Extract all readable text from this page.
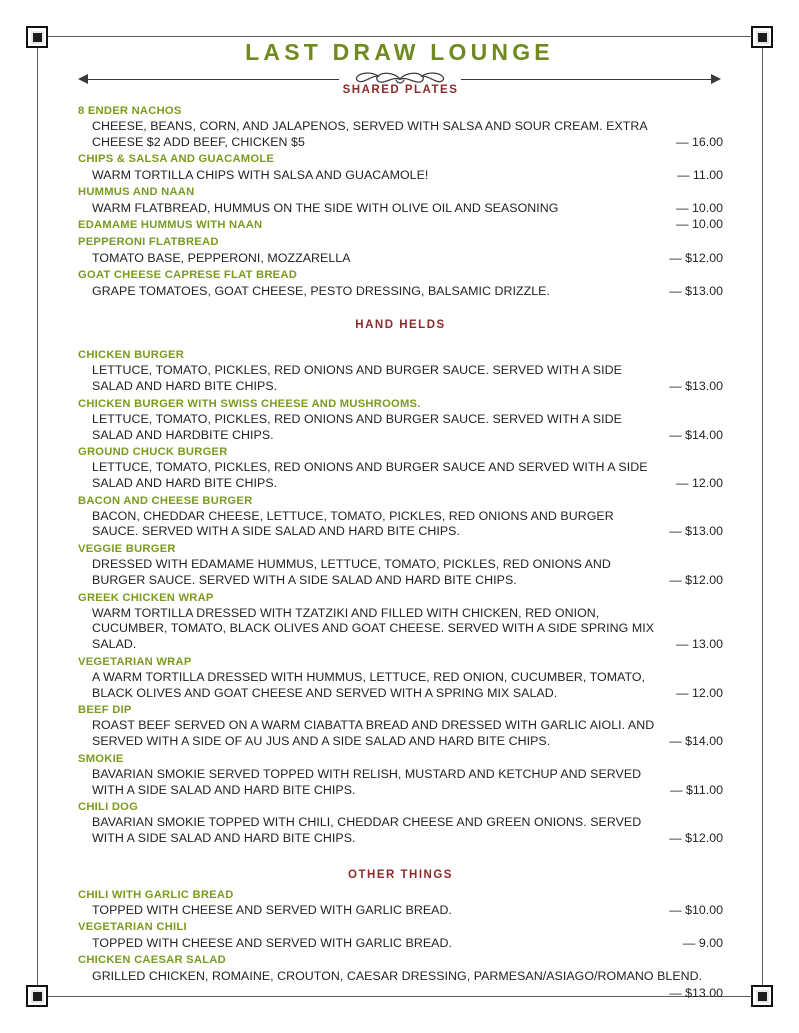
LAST DRAW LOUNGE
SHARED PLATES
8 ENDER NACHOS
CHEESE, BEANS, CORN, AND JALAPENOS, SERVED WITH SALSA AND SOUR CREAM. EXTRA CHEESE $2 ADD BEEF, CHICKEN $5	— 16.00
CHIPS & SALSA AND GUACAMOLE
WARM TORTILLA CHIPS WITH SALSA AND GUACAMOLE!	— 11.00
HUMMUS AND NAAN
WARM FLATBREAD, HUMMUS ON THE SIDE WITH OLIVE OIL AND SEASONING	— 10.00
EDAMAME HUMMUS WITH NAAN	— 10.00
PEPPERONI FLATBREAD
TOMATO BASE, PEPPERONI, MOZZARELLA	— $12.00
GOAT CHEESE CAPRESE FLAT BREAD
GRAPE TOMATOES, GOAT CHEESE, PESTO DRESSING, BALSAMIC DRIZZLE.	— $13.00
HAND HELDS
CHICKEN BURGER
LETTUCE, TOMATO, PICKLES, RED ONIONS AND BURGER SAUCE. SERVED WITH A SIDE SALAD AND HARD BITE CHIPS.	— $13.00
CHICKEN BURGER WITH SWISS CHEESE AND MUSHROOMS.
LETTUCE, TOMATO, PICKLES, RED ONIONS AND BURGER SAUCE. SERVED WITH A SIDE SALAD AND HARDBITE CHIPS.	— $14.00
GROUND CHUCK BURGER
LETTUCE, TOMATO, PICKLES, RED ONIONS AND BURGER SAUCE AND SERVED WITH A SIDE SALAD AND HARD BITE CHIPS.	— 12.00
BACON AND CHEESE BURGER
BACON, CHEDDAR CHEESE, LETTUCE, TOMATO, PICKLES, RED ONIONS AND BURGER SAUCE. SERVED WITH A SIDE SALAD AND HARD BITE CHIPS.	— $13.00
VEGGIE BURGER
DRESSED WITH EDAMAME HUMMUS, LETTUCE, TOMATO, PICKLES, RED ONIONS AND BURGER SAUCE. SERVED WITH A SIDE SALAD AND HARD BITE CHIPS.	— $12.00
GREEK CHICKEN WRAP
WARM TORTILLA DRESSED WITH TZATZIKI AND FILLED WITH CHICKEN, RED ONION, CUCUMBER, TOMATO, BLACK OLIVES AND GOAT CHEESE. SERVED WITH A SIDE SPRING MIX SALAD.	— 13.00
VEGETARIAN WRAP
A WARM TORTILLA DRESSED WITH HUMMUS, LETTUCE, RED ONION, CUCUMBER, TOMATO, BLACK OLIVES AND GOAT CHEESE AND SERVED WITH A SPRING MIX SALAD.	— 12.00
BEEF DIP
ROAST BEEF SERVED ON A WARM CIABATTA BREAD AND DRESSED WITH GARLIC AIOLI. AND SERVED WITH A SIDE OF AU JUS AND A SIDE SALAD AND HARD BITE CHIPS.	— $14.00
SMOKIE
BAVARIAN SMOKIE SERVED TOPPED WITH RELISH, MUSTARD AND KETCHUP AND SERVED WITH A SIDE SALAD AND HARD BITE CHIPS.	— $11.00
CHILI DOG
BAVARIAN SMOKIE TOPPED WITH CHILI, CHEDDAR CHEESE AND GREEN ONIONS. SERVED WITH A SIDE SALAD AND HARD BITE CHIPS.	— $12.00
OTHER THINGS
CHILI WITH GARLIC BREAD
TOPPED WITH CHEESE AND SERVED WITH GARLIC BREAD.	— $10.00
VEGETARIAN CHILI
TOPPED WITH CHEESE AND SERVED WITH GARLIC BREAD.	— 9.00
CHICKEN CAESAR SALAD
GRILLED CHICKEN, ROMAINE, CROUTON, CAESAR DRESSING, PARMESAN/ASIAGO/ROMANO BLEND.
— $13.00
